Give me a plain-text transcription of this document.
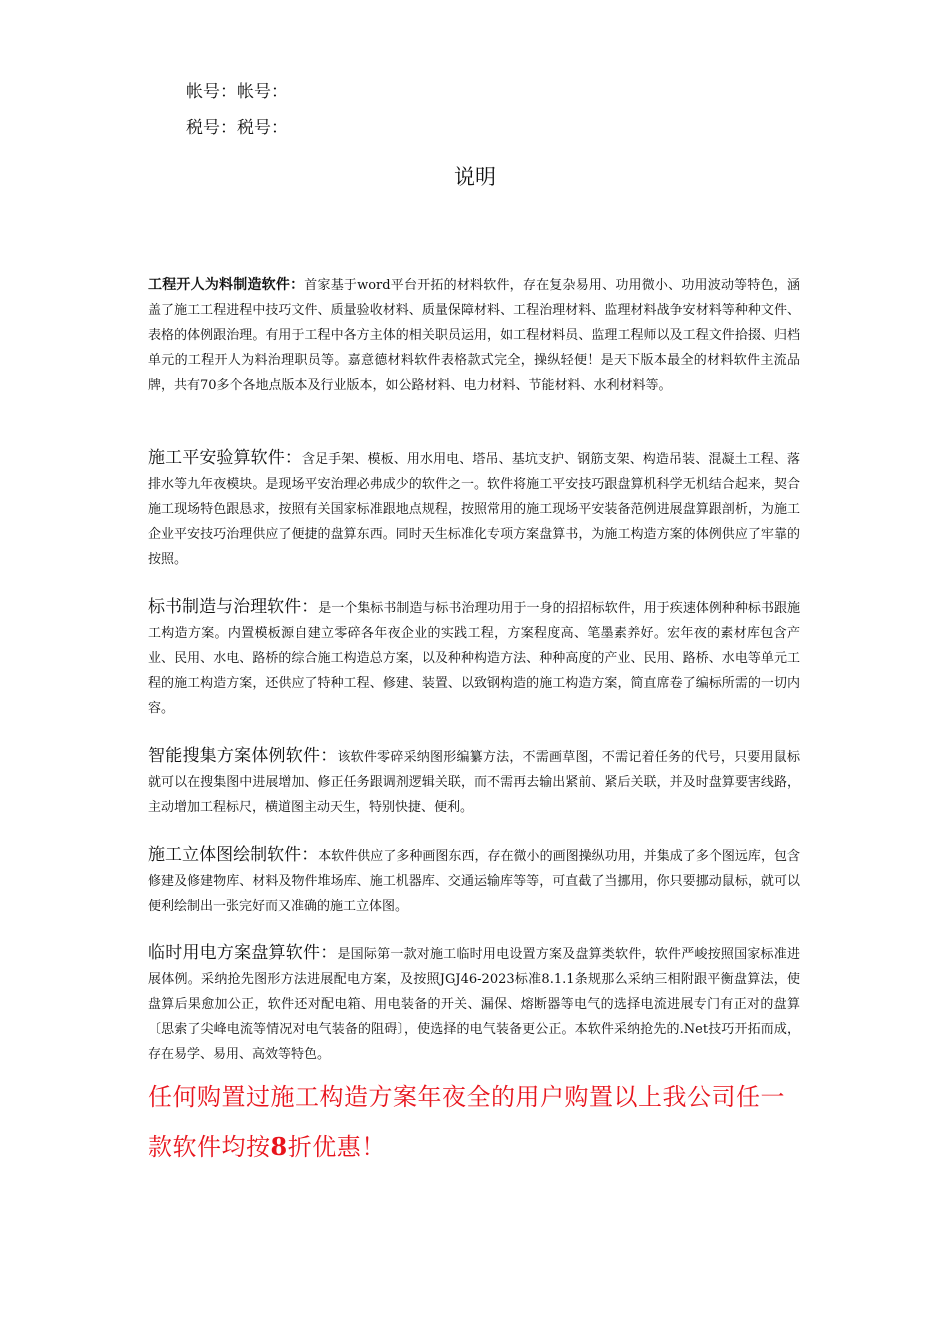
帐号：帐号：
税号：税号：
说明
工程开人为料制造软件：首家基于word平台开拓的材料软件，存在复杂易用、功用微小、功用波动等特色，涵盖了施工工程进程中技巧文件、质量验收材料、质量保障材料、工程治理材料、监理材料战争安材料等种种文件、表格的体例跟治理。有用于工程中各方主体的相关职员运用，如工程材料员、监理工程师以及工程文件拾掇、归档单元的工程开人为料治理职员等。嘉意德材料软件表格款式完全，操纵轻便！是天下版本最全的材料软件主流品牌，共有70多个各地点版本及行业版本，如公路材料、电力材料、节能材料、水利材料等。
施工平安验算软件：含足手架、模板、用水用电、塔吊、基坑支护、钢筋支架、构造吊装、混凝土工程、落排水等九年夜模块。是现场平安治理必弗成少的软件之一。软件将施工平安技巧跟盘算机科学无机结合起来，契合施工现场特色跟恳求，按照有关国家标准跟地点规程，按照常用的施工现场平安装备范例进展盘算跟剖析，为施工企业平安技巧治理供应了便捷的盘算东西。同时天生标准化专项方案盘算书，为施工构造方案的体例供应了牢靠的按照。
标书制造与治理软件：是一个集标书制造与标书治理功用于一身的招招标软件，用于疾速体例种种标书跟施工构造方案。内置模板源自建立零碎各年夜企业的实践工程，方案程度高、笔墨素养好。宏年夜的素材库包含产业、民用、水电、路桥的综合施工构造总方案，以及种种构造方法、种种高度的产业、民用、路桥、水电等单元工程的施工构造方案，还供应了特种工程、修建、装置、以致钢构造的施工构造方案，简直席卷了编标所需的一切内容。
智能搜集方案体例软件：该软件零碎采纳图形编纂方法，不需画草图，不需记着任务的代号，只要用鼠标就可以在搜集图中进展增加、修正任务跟调剂逻辑关联，而不需再去输出紧前、紧后关联，并及时盘算要害线路，主动增加工程标尺，横道图主动天生，特别快捷、便利。
施工立体图绘制软件：本软件供应了多种画图东西，存在微小的画图操纵功用，并集成了多个图远库，包含修建及修建物库、材料及物件堆场库、施工机器库、交通运输库等等，可直截了当挪用，你只要挪动鼠标，就可以便利绘制出一张完好而又准确的施工立体图。
临时用电方案盘算软件：是国际第一款对施工临时用电设置方案及盘算类软件，软件严峻按照国家标准进展体例。采纳抢先图形方法进展配电方案，及按照JGJ46-2023标准8.1.1条规那么采纳三相附跟平衡盘算法，使盘算后果愈加公正，软件还对配电箱、用电装备的开关、漏保、熔断器等电气的选择电流进展专门有正对的盘算〔思索了尖峰电流等情况对电气装备的阻碍〕，使选择的电气装备更公正。本软件采纳抢先的.Net技巧开拓而成，存在易学、易用、高效等特色。
任何购置过施工构造方案年夜全的用户购置以上我公司任一款软件均按8折优惠！
